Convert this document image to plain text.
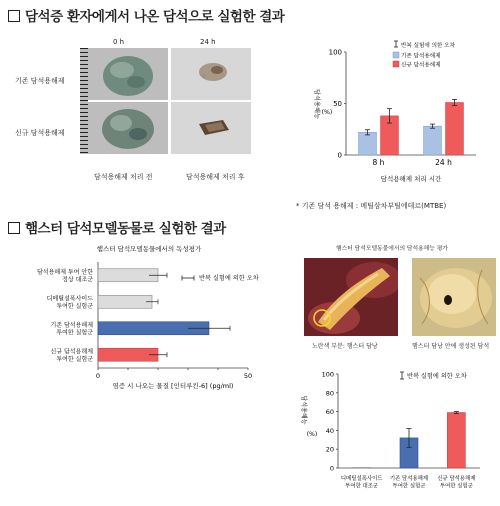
담석증 환자에게서 나온 담석으로 실험한 결과
0 h	24 h
기존 담석용해제
신규 담석용해제
담석용해제 처리 전	담석용해제 처리 후
0
50
100
담석용해능 (%)
8 h	24 h
담석용해제 처리 시간
반복 실험에 의한 오차
기존 담석용해제
신규 담석용해제
* 기존 담석 용해제 : 메틸삼차부틸에테르(MTBE)
햄스터 담석모델동물로 실험한 결과
햄스터 담석모델동물에서의 독성평가
0	50
담석용해제 투여 안한
정상 대조군
디메틸설폭사이드
투여한 실험군
기존 담석용해제
투여한 실험군
신규 담석용해제
투여한 실험군
염증 시 나오는 물질 [인터루킨-6] (pg/ml)
반복 실험에 의한 오차
햄스터 담석모델동물에서의 담석용해능 평가
노란색 부분: 햄스터 담낭	햄스터 담낭 안에 생성된 담석
0
20
40
60
80
100
담석용해능
(%)
디메틸설폭사이드
투여한 대조군
기존 담석용해제
투여한 실험군
신규 담석용해제
투여한 실험군
반복 실험에 의한 오차
